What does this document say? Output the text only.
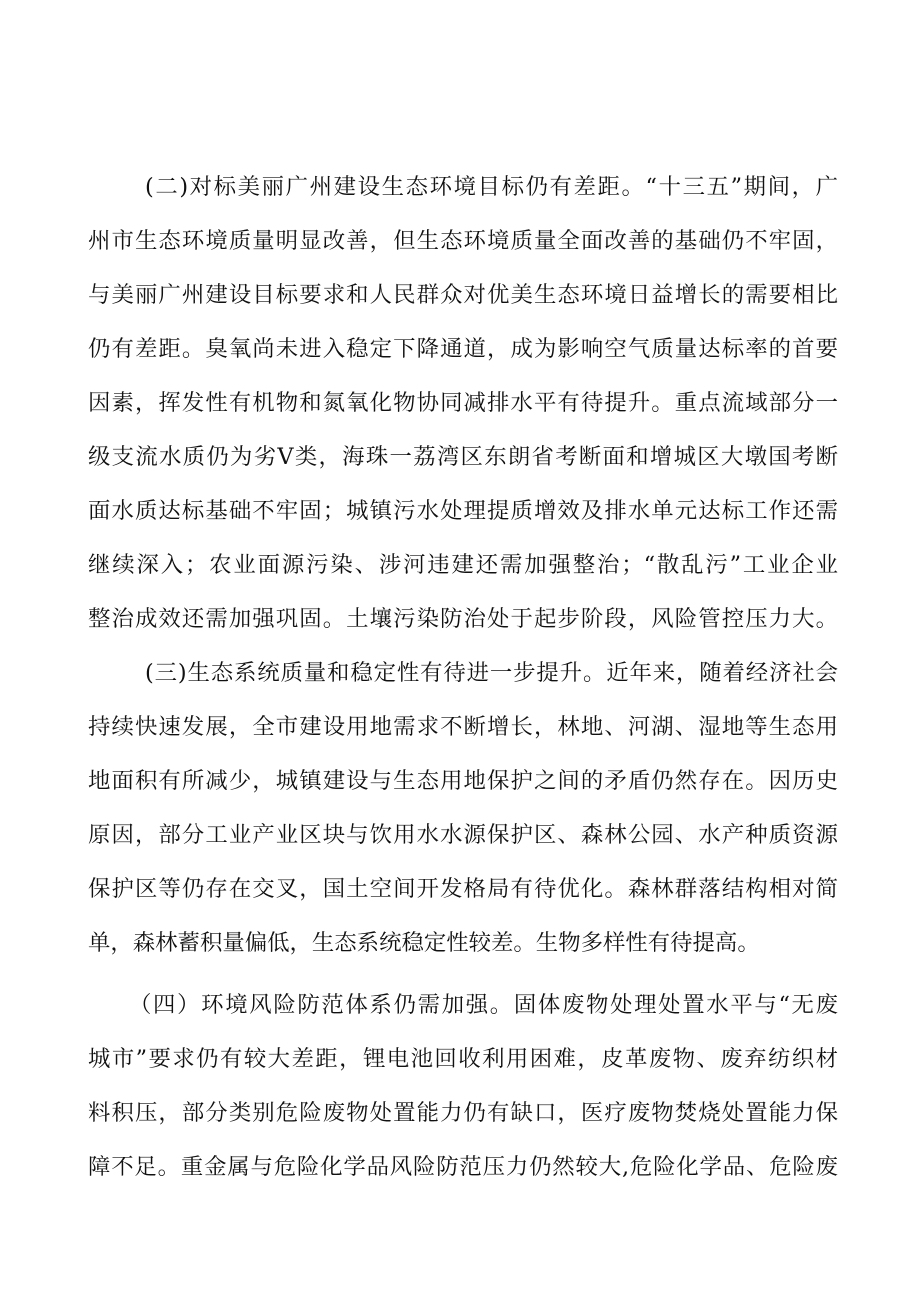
(二)对标美丽广州建设生态环境目标仍有差距。“十三五”期间，广
州市生态环境质量明显改善，但生态环境质量全面改善的基础仍不牢固，
与美丽广州建设目标要求和人民群众对优美生态环境日益增长的需要相比
仍有差距。臭氧尚未进入稳定下降通道，成为影响空气质量达标率的首要
因素，挥发性有机物和氮氧化物协同减排水平有待提升。重点流域部分一
级支流水质仍为劣Ⅴ类，海珠一荔湾区东朗省考断面和增城区大墩国考断
面水质达标基础不牢固；城镇污水处理提质增效及排水单元达标工作还需
继续深入；农业面源污染、涉河违建还需加强整治；“散乱污”工业企业
整治成效还需加强巩固。土壤污染防治处于起步阶段，风险管控压力大。
(三)生态系统质量和稳定性有待进一步提升。近年来，随着经济社会
持续快速发展，全市建设用地需求不断增长，林地、河湖、湿地等生态用
地面积有所减少，城镇建设与生态用地保护之间的矛盾仍然存在。因历史
原因，部分工业产业区块与饮用水水源保护区、森林公园、水产种质资源
保护区等仍存在交叉，国土空间开发格局有待优化。森林群落结构相对简
单，森林蓄积量偏低，生态系统稳定性较差。生物多样性有待提高。
（四）环境风险防范体系仍需加强。固体废物处理处置水平与“无废
城市”要求仍有较大差距，锂电池回收利用困难，皮革废物、废弃纺织材
料积压，部分类别危险废物处置能力仍有缺口，医疗废物焚烧处置能力保
障不足。重金属与危险化学品风险防范压力仍然较大,危险化学品、危险废
